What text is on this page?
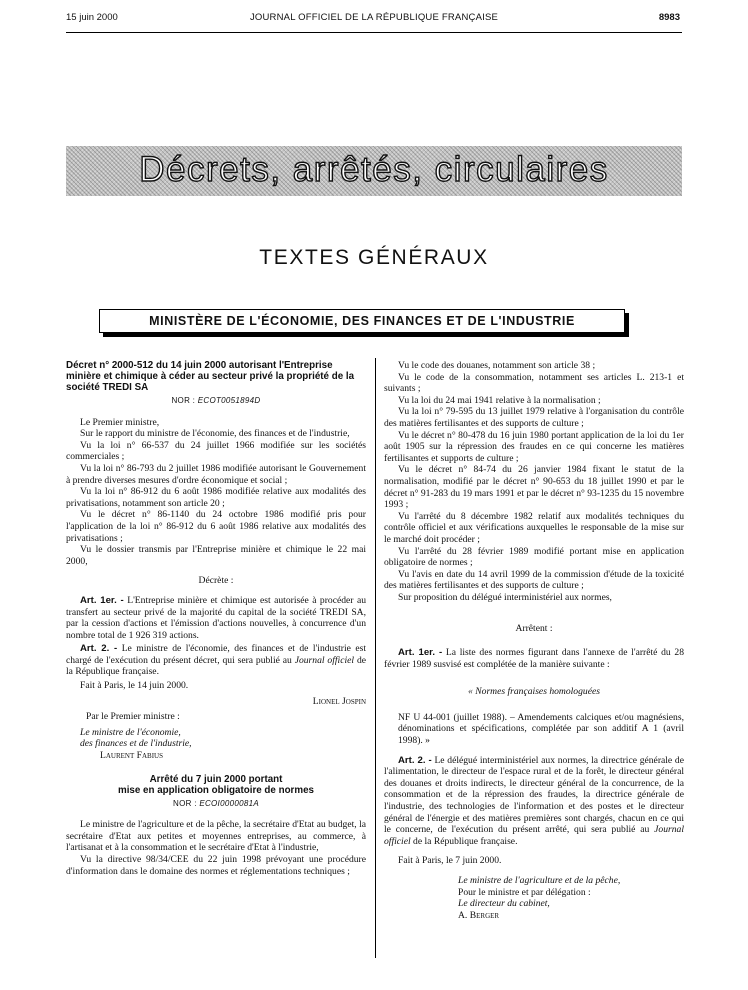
15 juin 2000	JOURNAL OFFICIEL DE LA RÉPUBLIQUE FRANÇAISE	8983
Décrets, arrêtés, circulaires
TEXTES GÉNÉRAUX
MINISTÈRE DE L'ÉCONOMIE, DES FINANCES ET DE L'INDUSTRIE

Décret n° 2000-512 du 14 juin 2000 autorisant l'Entreprise minière et chimique à céder au secteur privé la propriété de la société TREDI SA

NOR : ECOT0051894D

Le Premier ministre,

Sur le rapport du ministre de l'économie, des finances et de l'industrie,

Vu la loi n° 66-537 du 24 juillet 1966 modifiée sur les sociétés commerciales ;

Vu la loi n° 86-793 du 2 juillet 1986 modifiée autorisant le Gouvernement à prendre diverses mesures d'ordre économique et social ;

Vu la loi n° 86-912 du 6 août 1986 modifiée relative aux modalités des privatisations, notamment son article 20 ;

Vu le décret n° 86-1140 du 24 octobre 1986 modifié pris pour l'application de la loi n° 86-912 du 6 août 1986 relative aux modalités des privatisations ;

Vu le dossier transmis par l'Entreprise minière et chimique le 22 mai 2000,

Décrète :

Art. 1er. - L'Entreprise minière et chimique est autorisée à procéder au transfert au secteur privé de la majorité du capital de la société TREDI SA, par la cession d'actions et l'émission d'actions nouvelles, à concurrence d'un nombre total de 1 926 319 actions.

Art. 2. - Le ministre de l'économie, des finances et de l'industrie est chargé de l'exécution du présent décret, qui sera publié au Journal officiel de la République française.

Fait à Paris, le 14 juin 2000.

Lionel Jospin

Par le Premier ministre :

Le ministre de l'économie,

des finances et de l'industrie,

Laurent Fabius

Arrêté du 7 juin 2000 portant

mise en application obligatoire de normes

NOR : ECOI0000081A

Le ministre de l'agriculture et de la pêche, la secrétaire d'Etat au budget, la secrétaire d'Etat aux petites et moyennes entreprises, au commerce, à l'artisanat et à la consommation et le secrétaire d'Etat à l'industrie,

Vu la directive 98/34/CEE du 22 juin 1998 prévoyant une procédure d'information dans le domaine des normes et réglementations techniques ;

Vu le code des douanes, notamment son article 38 ;

Vu le code de la consommation, notamment ses articles L. 213-1 et suivants ;

Vu la loi du 24 mai 1941 relative à la normalisation ;

Vu la loi n° 79-595 du 13 juillet 1979 relative à l'organisation du contrôle des matières fertilisantes et des supports de culture ;

Vu le décret n° 80-478 du 16 juin 1980 portant application de la loi du 1er août 1905 sur la répression des fraudes en ce qui concerne les matières fertilisantes et supports de culture ;

Vu le décret n° 84-74 du 26 janvier 1984 fixant le statut de la normalisation, modifié par le décret n° 90-653 du 18 juillet 1990 et par le décret n° 91-283 du 19 mars 1991 et par le décret n° 93-1235 du 15 novembre 1993 ;

Vu l'arrêté du 8 décembre 1982 relatif aux modalités techniques du contrôle officiel et aux vérifications auxquelles le responsable de la mise sur le marché doit procéder ;

Vu l'arrêté du 28 février 1989 modifié portant mise en application obligatoire de normes ;

Vu l'avis en date du 14 avril 1999 de la commission d'étude de la toxicité des matières fertilisantes et des supports de culture ;

Sur proposition du délégué interministériel aux normes,

Arrêtent :

Art. 1er. - La liste des normes figurant dans l'annexe de l'arrêté du 28 février 1989 susvisé est complétée de la manière suivante :

« Normes françaises homologuées

NF U 44-001 (juillet 1988). – Amendements calciques et/ou magnésiens, dénominations et spécifications, complétée par son additif A 1 (avril 1998). »

Art. 2. - Le délégué interministériel aux normes, la directrice générale de l'alimentation, le directeur de l'espace rural et de la forêt, le directeur général des douanes et droits indirects, le directeur général de la concurrence, de la consommation et de la répression des fraudes, la directrice générale de l'industrie, des technologies de l'information et des postes et le directeur général de l'énergie et des matières premières sont chargés, chacun en ce qui le concerne, de l'exécution du présent arrêté, qui sera publié au Journal officiel de la République française.

Fait à Paris, le 7 juin 2000.

Le ministre de l'agriculture et de la pêche,

Pour le ministre et par délégation :

Le directeur du cabinet,

A. Berger
